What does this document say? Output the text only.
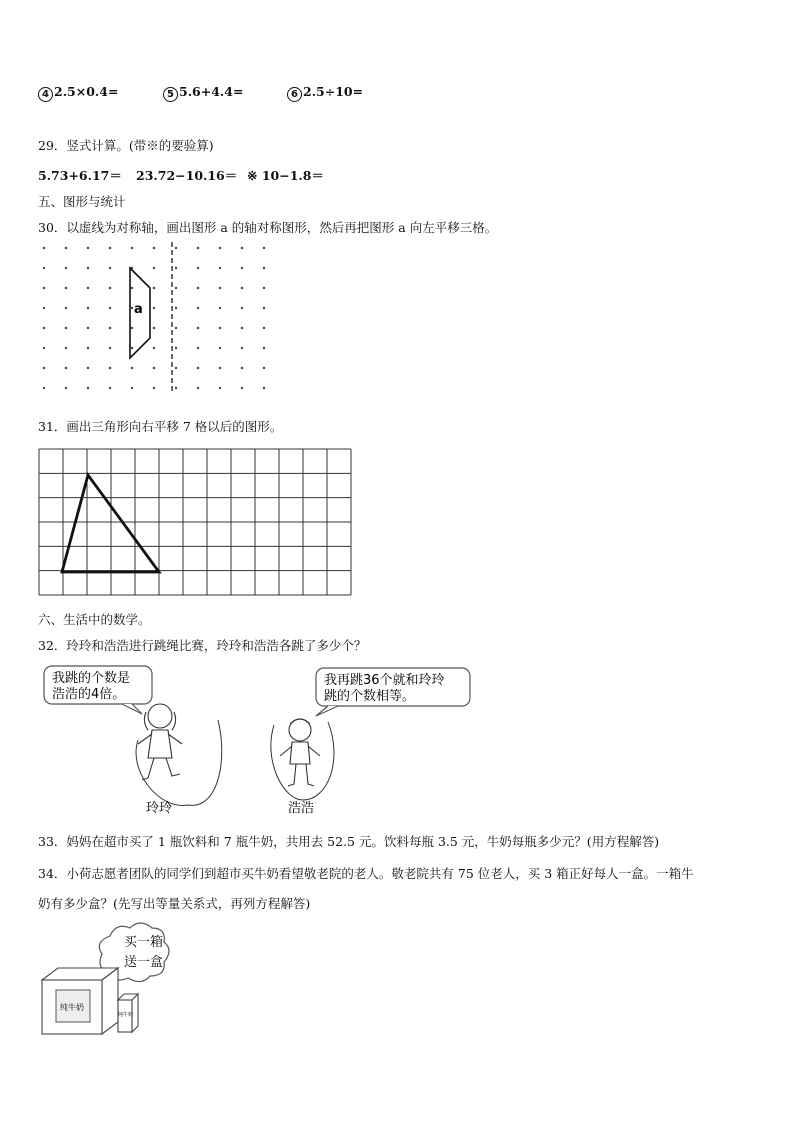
4 2.5×0.4=	5 5.6+4.4=	6 2.5÷10=
29．竖式计算。(带※的要验算)
5.73+6.17＝ 23.72−10.16＝ ※ 10−1.8＝
五、图形与统计
30．以虚线为对称轴，画出图形 a 的轴对称图形，然后再把图形 a 向左平移三格。
a
31．画出三角形向右平移 7 格以后的图形。
六、生活中的数学。
32．玲玲和浩浩进行跳绳比赛，玲玲和浩浩各跳了多少个？
我跳的个数是
浩浩的4倍。
我再跳36个就和玲玲
跳的个数相等。
玲玲	浩浩
33．妈妈在超市买了 1 瓶饮料和 7 瓶牛奶，共用去 52.5 元。饮料每瓶 3.5 元，牛奶每瓶多少元？(用方程解答)
34．小荷志愿者团队的同学们到超市买牛奶看望敬老院的老人。敬老院共有 75 位老人，买 3 箱正好每人一盒。一箱牛
奶有多少盒？(先写出等量关系式，再列方程解答)
买一箱
送一盒
纯牛奶
纯牛奶
